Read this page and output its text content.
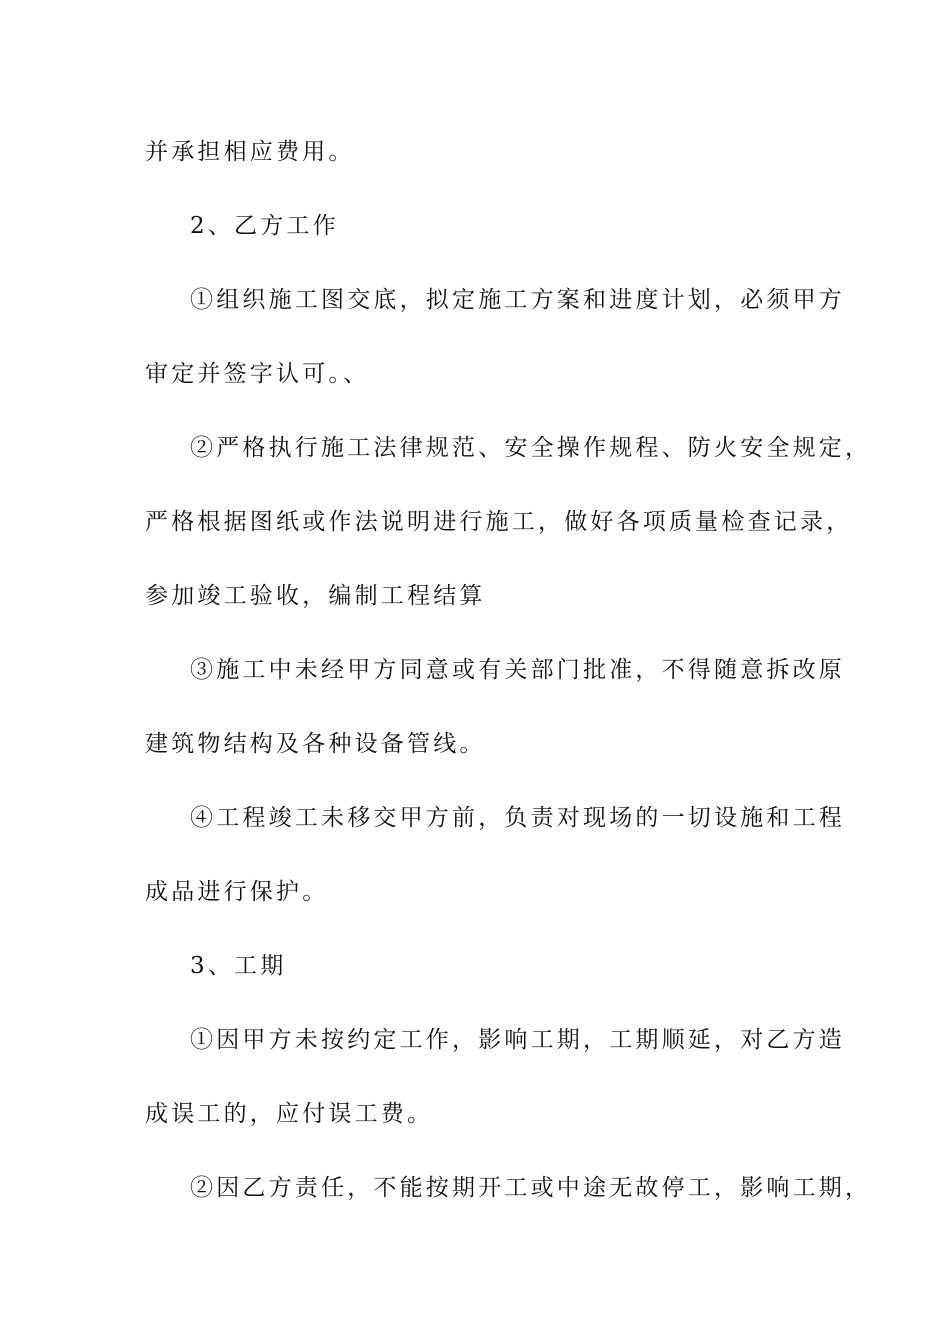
并承担相应费用。
2、乙方工作
①组织施工图交底，拟定施工方案和进度计划，必须甲方
审定并签字认可。、
②严格执行施工法律规范、安全操作规程、防火安全规定，
严格根据图纸或作法说明进行施工，做好各项质量检查记录，
参加竣工验收，编制工程结算
③施工中未经甲方同意或有关部门批准，不得随意拆改原
建筑物结构及各种设备管线。
④工程竣工未移交甲方前，负责对现场的一切设施和工程
成品进行保护。
3、工期
①因甲方未按约定工作，影响工期，工期顺延，对乙方造
成误工的，应付误工费。
②因乙方责任，不能按期开工或中途无故停工，影响工期，
